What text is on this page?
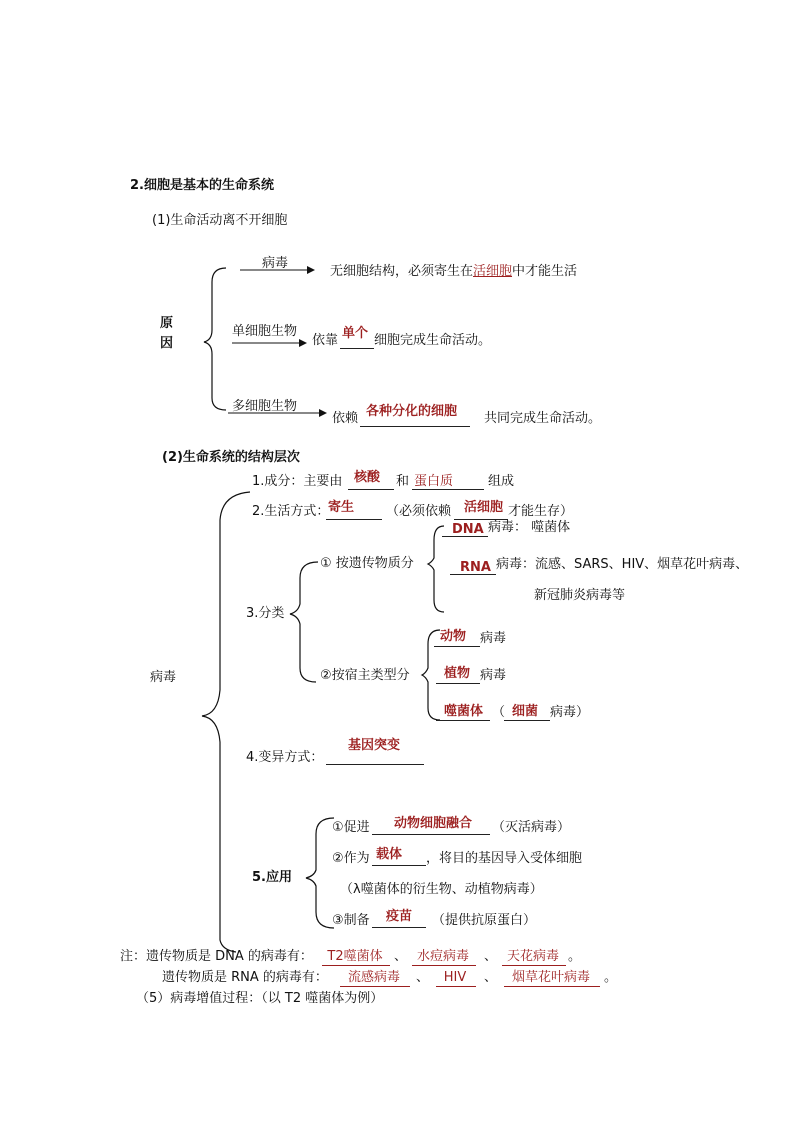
2.细胞是基本的生命系统
(1)生命活动离不开细胞
原
因
病毒
无细胞结构，必须寄生在活细胞中才能生活
单细胞生物
依靠 单个 细胞完成生命活动。
多细胞生物
依赖 各种分化的细胞 共同完成生命活动。
(2)生命系统的结构层次
病毒
1.成分：主要由 核酸 和 蛋白质	组成
2.生活方式：
寄生 （必须依赖 活细胞 才能生存）
3.分类
① 按遗传物质分
DNA 病毒： 噬菌体
RNA 病毒：流感、SARS、HIV、烟草花叶病毒、
新冠肺炎病毒等
②按宿主类型分
动物 病毒
植物 病毒
噬菌体 （ 细菌 病毒）
4.变异方式：
基因突变
5.应用
①促进 动物细胞融合 （灭活病毒）
②作为 载体 ，将目的基因导入受体细胞
（λ噬菌体的衍生物、动植物病毒）
③制备 疫苗 （提供抗原蛋白）
注：遗传物质是 DNA 的病毒有：	T2噬菌体 、 水痘病毒	、 天花病毒 。
遗传物质是 RNA 的病毒有：	流感病毒	、	HIV	、	烟草花叶病毒	。
（5）病毒增值过程：（以 T2 噬菌体为例）
